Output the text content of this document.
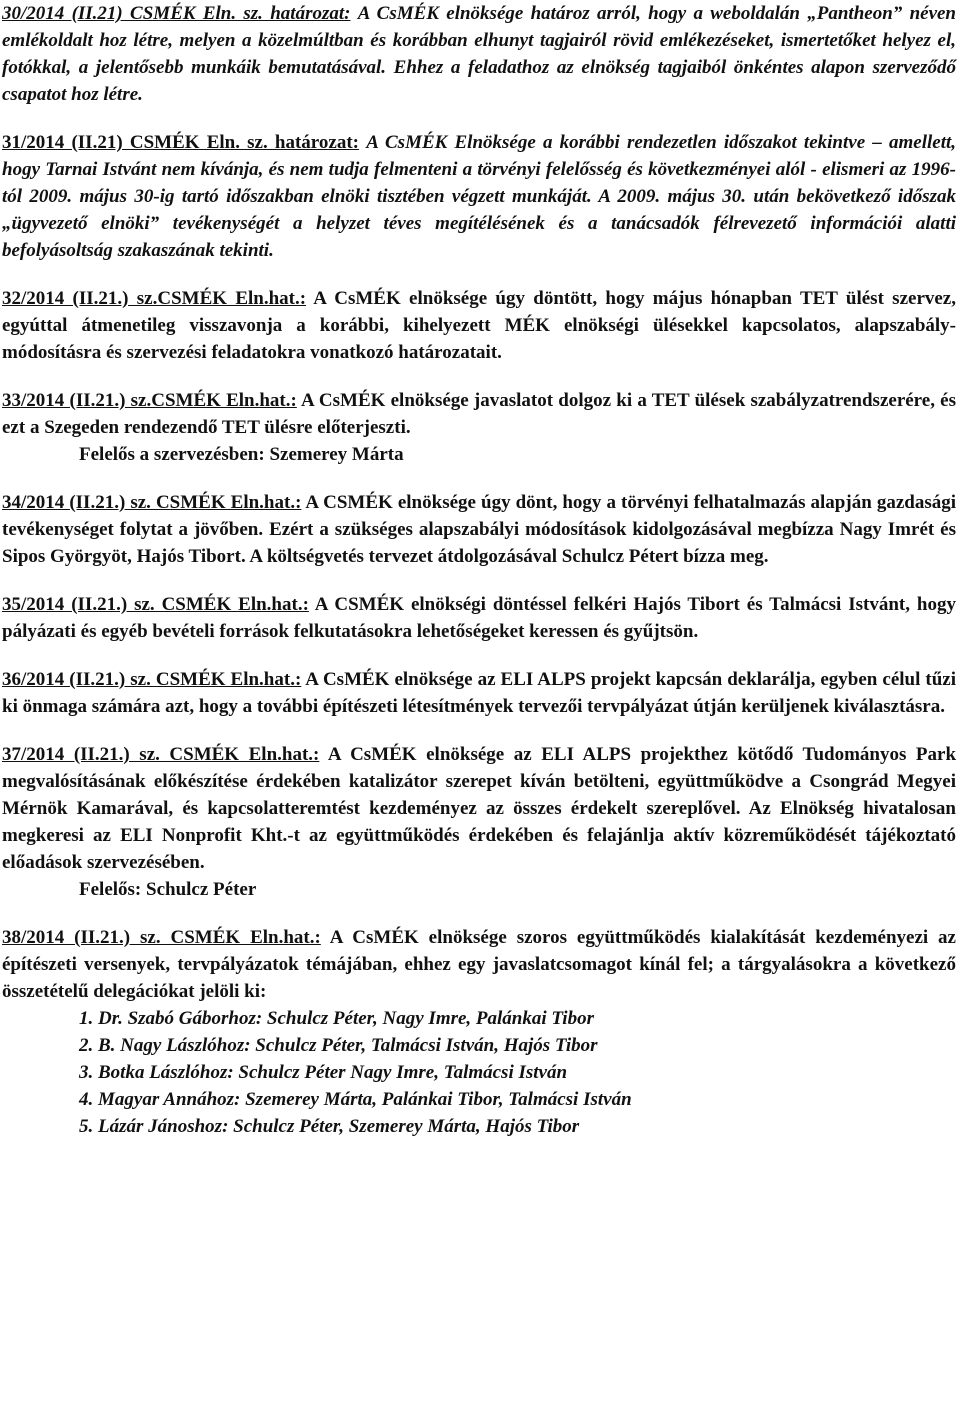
30/2014 (II.21) CSMÉK Eln. sz. határozat: A CsMÉK elnöksége határoz arról, hogy a weboldalán „Pantheon” néven emlékoldalt hoz létre, melyen a közelmúltban és korábban elhunyt tagjairól rövid emlékezéseket, ismertetőket helyez el, fotókkal, a jelentősebb munkáik bemutatásával. Ehhez a feladathoz az elnökség tagjaiból önkéntes alapon szerveződő csapatot hoz létre.

31/2014 (II.21) CSMÉK Eln. sz. határozat: A CsMÉK Elnöksége a korábbi rendezetlen időszakot tekintve – amellett, hogy Tarnai Istvánt nem kívánja, és nem tudja felmenteni a törvényi felelősség és következményei alól - elismeri az 1996-tól 2009. május 30-ig tartó időszakban elnöki tisztében végzett munkáját. A 2009. május 30. után bekövetkező időszak „ügyvezető elnöki” tevékenységét a helyzet téves megítélésének és a tanácsadók félrevezető információi alatti befolyásoltság szakaszának tekinti.

32/2014 (II.21.) sz.CSMÉK Eln.hat.: A CsMÉK elnöksége úgy döntött, hogy május hónapban TET ülést szervez, egyúttal átmenetileg visszavonja a korábbi, kihelyezett MÉK elnökségi ülésekkel kapcsolatos, alapszabály-módosításra és szervezési feladatokra vonatkozó határozatait.

33/2014 (II.21.) sz.CSMÉK Eln.hat.: A CsMÉK elnöksége javaslatot dolgoz ki a TET ülések szabályzatrendszerére, és ezt a Szegeden rendezendő TET ülésre előterjeszti.
Felelős a szervezésben: Szemerey Márta

34/2014 (II.21.) sz. CSMÉK Eln.hat.: A CSMÉK elnöksége úgy dönt, hogy a törvényi felhatalmazás alapján gazdasági tevékenységet folytat a jövőben. Ezért a szükséges alapszabályi módosítások kidolgozásával megbízza Nagy Imrét és Sipos Györgyöt, Hajós Tibort. A költségvetés tervezet átdolgozásával Schulcz Pétert bízza meg.

35/2014 (II.21.) sz. CSMÉK Eln.hat.: A CSMÉK elnökségi döntéssel felkéri Hajós Tibort és Talmácsi Istvánt, hogy pályázati és egyéb bevételi források felkutatásokra lehetőségeket keressen és gyűjtsön.

36/2014 (II.21.) sz. CSMÉK Eln.hat.: A CsMÉK elnöksége az ELI ALPS projekt kapcsán deklarálja, egyben célul tűzi ki önmaga számára azt, hogy a további építészeti létesítmények tervezői tervpályázat útján kerüljenek kiválasztásra.

37/2014 (II.21.) sz. CSMÉK Eln.hat.: A CsMÉK elnöksége az ELI ALPS projekthez kötődő Tudományos Park megvalósításának előkészítése érdekében katalizátor szerepet kíván betölteni, együttműködve a Csongrád Megyei Mérnök Kamarával, és kapcsolatteremtést kezdeményez az összes érdekelt szereplővel. Az Elnökség hivatalosan megkeresi az ELI Nonprofit Kht.-t az együttműködés érdekében és felajánlja aktív közreműködését tájékoztató előadások szervezésében.
Felelős: Schulcz Péter

38/2014 (II.21.) sz. CSMÉK Eln.hat.: A CsMÉK elnöksége szoros együttműködés kialakítását kezdeményezi az építészeti versenyek, tervpályázatok témájában, ehhez egy javaslatcsomagot kínál fel; a tárgyalásokra a következő összetételű delegációkat jelöli ki:
1. Dr. Szabó Gáborhoz: Schulcz Péter, Nagy Imre, Palánkai Tibor
2. B. Nagy Lászlóhoz: Schulcz Péter, Talmácsi István, Hajós Tibor
3. Botka Lászlóhoz: Schulcz Péter Nagy Imre, Talmácsi István
4. Magyar Annához: Szemerey Márta, Palánkai Tibor, Talmácsi István
5. Lázár Jánoshoz: Schulcz Péter, Szemerey Márta, Hajós Tibor
